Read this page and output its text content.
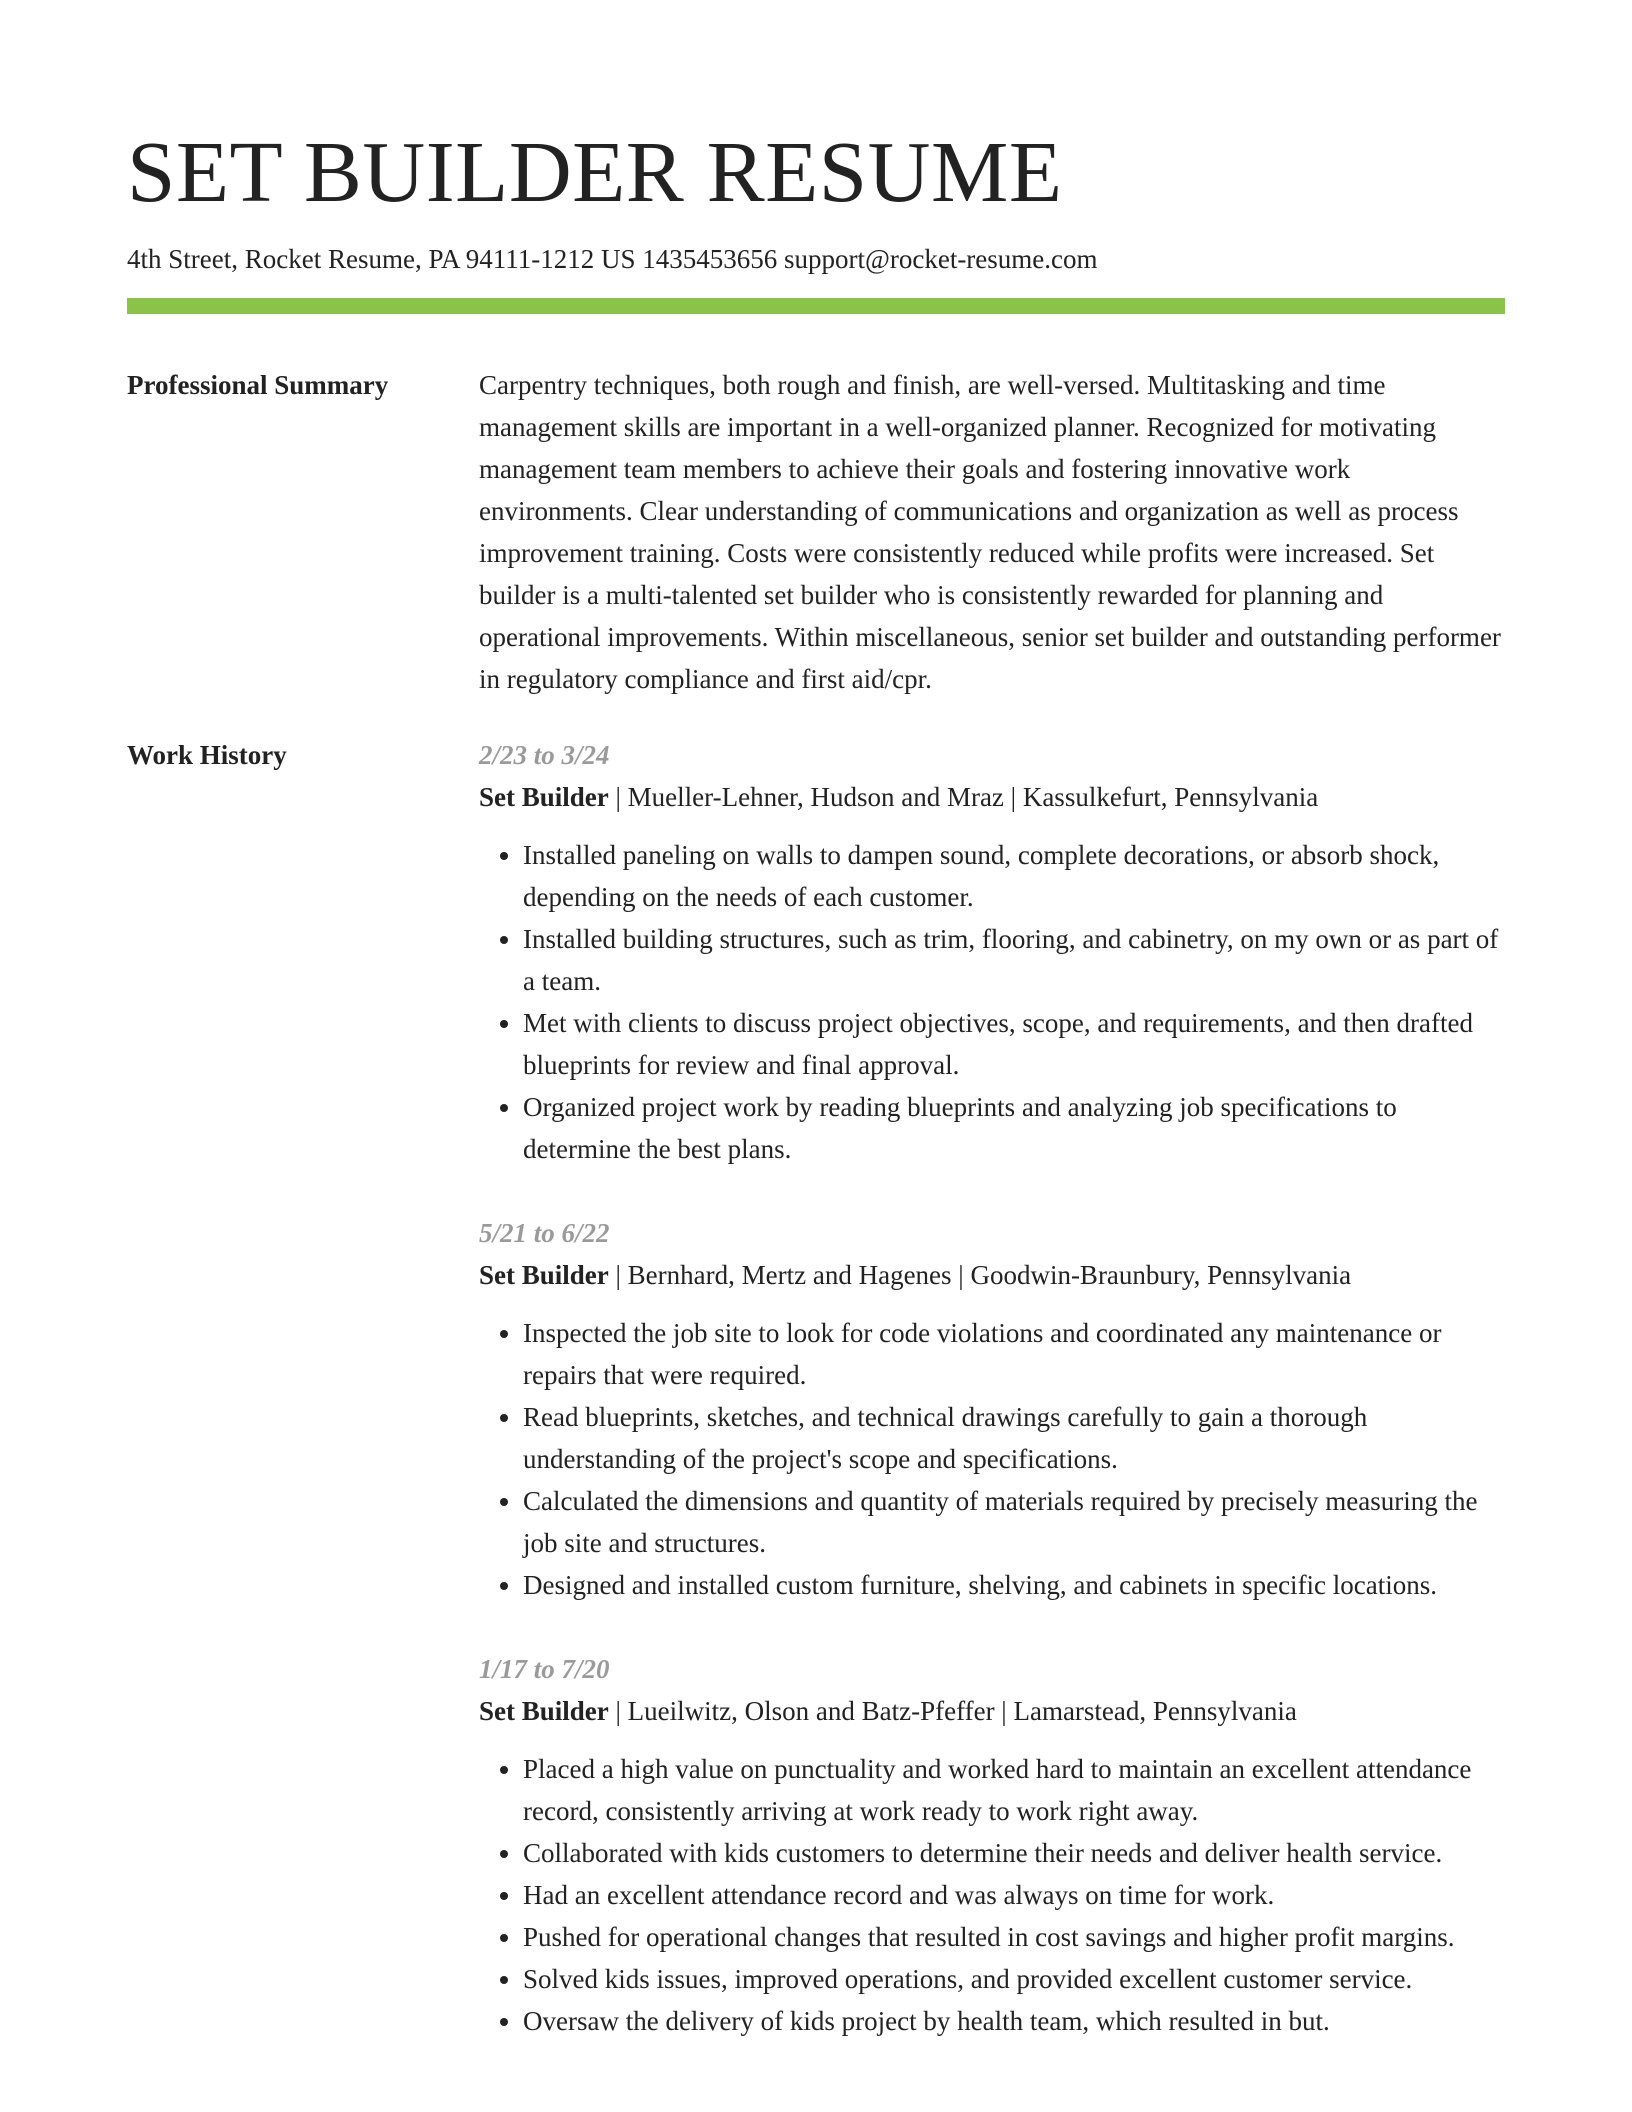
SET BUILDER RESUME
4th Street, Rocket Resume, PA 94111-1212 US 1435453656 support@rocket-resume.com
Professional Summary	Carpentry techniques, both rough and finish, are well-versed. Multitasking and time management skills are important in a well-organized planner. Recognized for motivating management team members to achieve their goals and fostering innovative work environments. Clear understanding of communications and organization as well as process improvement training. Costs were consistently reduced while profits were increased. Set builder is a multi-talented set builder who is consistently rewarded for planning and operational improvements. Within miscellaneous, senior set builder and outstanding performer in regulatory compliance and first aid/cpr.
Work History	2/23 to 3/24
Set Builder | Mueller-Lehner, Hudson and Mraz | Kassulkefurt, Pennsylvania
• Installed paneling on walls to dampen sound, complete decorations, or absorb shock, depending on the needs of each customer.
• Installed building structures, such as trim, flooring, and cabinetry, on my own or as part of a team.
• Met with clients to discuss project objectives, scope, and requirements, and then drafted blueprints for review and final approval.
• Organized project work by reading blueprints and analyzing job specifications to determine the best plans.
5/21 to 6/22
Set Builder | Bernhard, Mertz and Hagenes | Goodwin-Braunbury, Pennsylvania
• Inspected the job site to look for code violations and coordinated any maintenance or repairs that were required.
• Read blueprints, sketches, and technical drawings carefully to gain a thorough understanding of the project's scope and specifications.
• Calculated the dimensions and quantity of materials required by precisely measuring the job site and structures.
• Designed and installed custom furniture, shelving, and cabinets in specific locations.
1/17 to 7/20
Set Builder | Lueilwitz, Olson and Batz-Pfeffer | Lamarstead, Pennsylvania
• Placed a high value on punctuality and worked hard to maintain an excellent attendance record, consistently arriving at work ready to work right away.
• Collaborated with kids customers to determine their needs and deliver health service.
• Had an excellent attendance record and was always on time for work.
• Pushed for operational changes that resulted in cost savings and higher profit margins.
• Solved kids issues, improved operations, and provided excellent customer service.
• Oversaw the delivery of kids project by health team, which resulted in but.
